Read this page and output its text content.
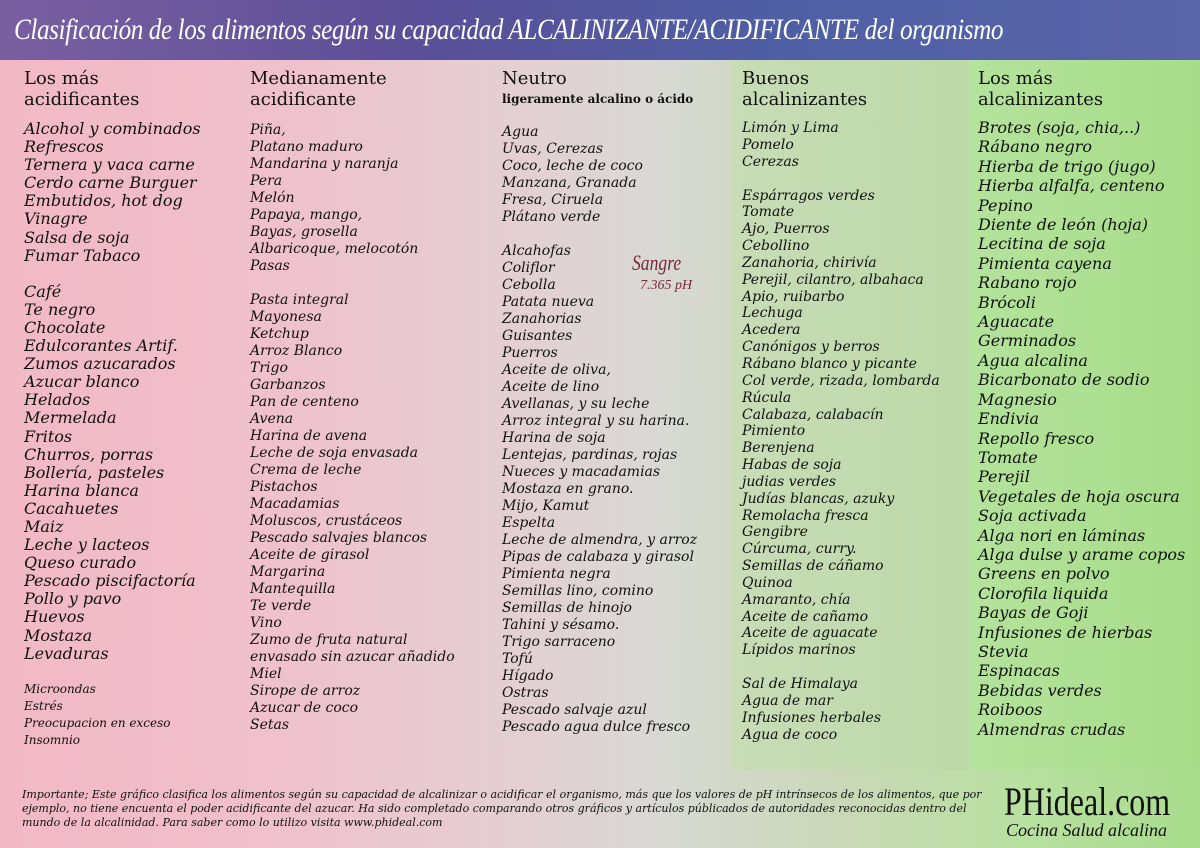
Clasificación de los alimentos según su capacidad ALCALINIZANTE/ACIDIFICANTE del organismo
Los más
acidificantes
Alcohol y combinados
Refrescos
Ternera y vaca carne
Cerdo carne Burguer
Embutidos, hot dog
Vinagre
Salsa de soja
Fumar Tabaco
Café
Te negro
Chocolate
Edulcorantes Artif.
Zumos azucarados
Azucar blanco
Helados
Mermelada
Fritos
Churros, porras
Bollería, pasteles
Harina blanca
Cacahuetes
Maiz
Leche y lacteos
Queso curado
Pescado piscifactoría
Pollo y pavo
Huevos
Mostaza
Levaduras
Microondas
Estrés
Preocupacion en exceso
Insomnio
Medianamente
acidificante
Piña,
Platano maduro
Mandarina y naranja
Pera
Melón
Papaya, mango,
Bayas, grosella
Albaricoque, melocotón
Pasas
Pasta integral
Mayonesa
Ketchup
Arroz Blanco
Trigo
Garbanzos
Pan de centeno
Avena
Harina de avena
Leche de soja envasada
Crema de leche
Pistachos
Macadamias
Moluscos, crustáceos
Pescado salvajes blancos
Aceite de girasol
Margarina
Mantequilla
Te verde
Vino
Zumo de fruta natural
envasado sin azucar añadido
Miel
Sirope de arroz
Azucar de coco
Setas
Neutro
ligeramente alcalino o ácido
Agua
Uvas, Cerezas
Coco, leche de coco
Manzana, Granada
Fresa, Ciruela
Plátano verde
Alcahofas
Coliflor
Cebolla
Patata nueva
Zanahorias
Guisantes
Puerros
Aceite de oliva,
Aceite de lino
Avellanas, y su leche
Arroz integral y su harina.
Harina de soja
Lentejas, pardinas, rojas
Nueces y macadamias
Mostaza en grano.
Mijo, Kamut
Espelta
Leche de almendra, y arroz
Pipas de calabaza y girasol
Pimienta negra
Semillas lino, comino
Semillas de hinojo
Tahini y sésamo.
Trigo sarraceno
Tofú
Hígado
Ostras
Pescado salvaje azul
Pescado agua dulce fresco
Buenos
alcalinizantes
Limón y Lima
Pomelo
Cerezas
Espárragos verdes
Tomate
Ajo, Puerros
Cebollino
Zanahoria, chirivía
Perejil, cilantro, albahaca
Apio, ruibarbo
Lechuga
Acedera
Canónigos y berros
Rábano blanco y picante
Col verde, rizada, lombarda
Rúcula
Calabaza, calabacín
Pimiento
Berenjena
Habas de soja
judias verdes
Judías blancas, azuky
Remolacha fresca
Gengibre
Cúrcuma, curry.
Semillas de cáñamo
Quinoa
Amaranto, chía
Aceite de cañamo
Aceite de aguacate
Lípidos marinos
Sal de Himalaya
Agua de mar
Infusiones herbales
Agua de coco
Los más
alcalinizantes
Brotes (soja, chia,..)
Rábano negro
Hierba de trigo (jugo)
Hierba alfalfa, centeno
Pepino
Diente de león (hoja)
Lecitina de soja
Pimienta cayena
Rabano rojo
Brócoli
Aguacate
Germinados
Agua alcalina
Bicarbonato de sodio
Magnesio
Endivia
Repollo fresco
Tomate
Perejil
Vegetales de hoja oscura
Soja activada
Alga nori en láminas
Alga dulse y arame copos
Greens en polvo
Clorofila liquida
Bayas de Goji
Infusiones de hierbas
Stevia
Espinacas
Bebidas verdes
Roiboos
Almendras crudas
Sangre
7.365 pH
Importante; Este gráfico clasifica los alimentos según su capacidad de alcalinizar o acidificar el organismo, más que los valores de pH intrínsecos de los alimentos, que por ejemplo, no tiene encuenta el poder acidificante del azucar. Ha sido completado comparando otros gráficos y artículos públicados de autoridades reconocidas dentro del mundo de la alcalinidad. Para saber como lo utilizo visita www.phideal.com	PHideal.com
Cocina Salud alcalina
